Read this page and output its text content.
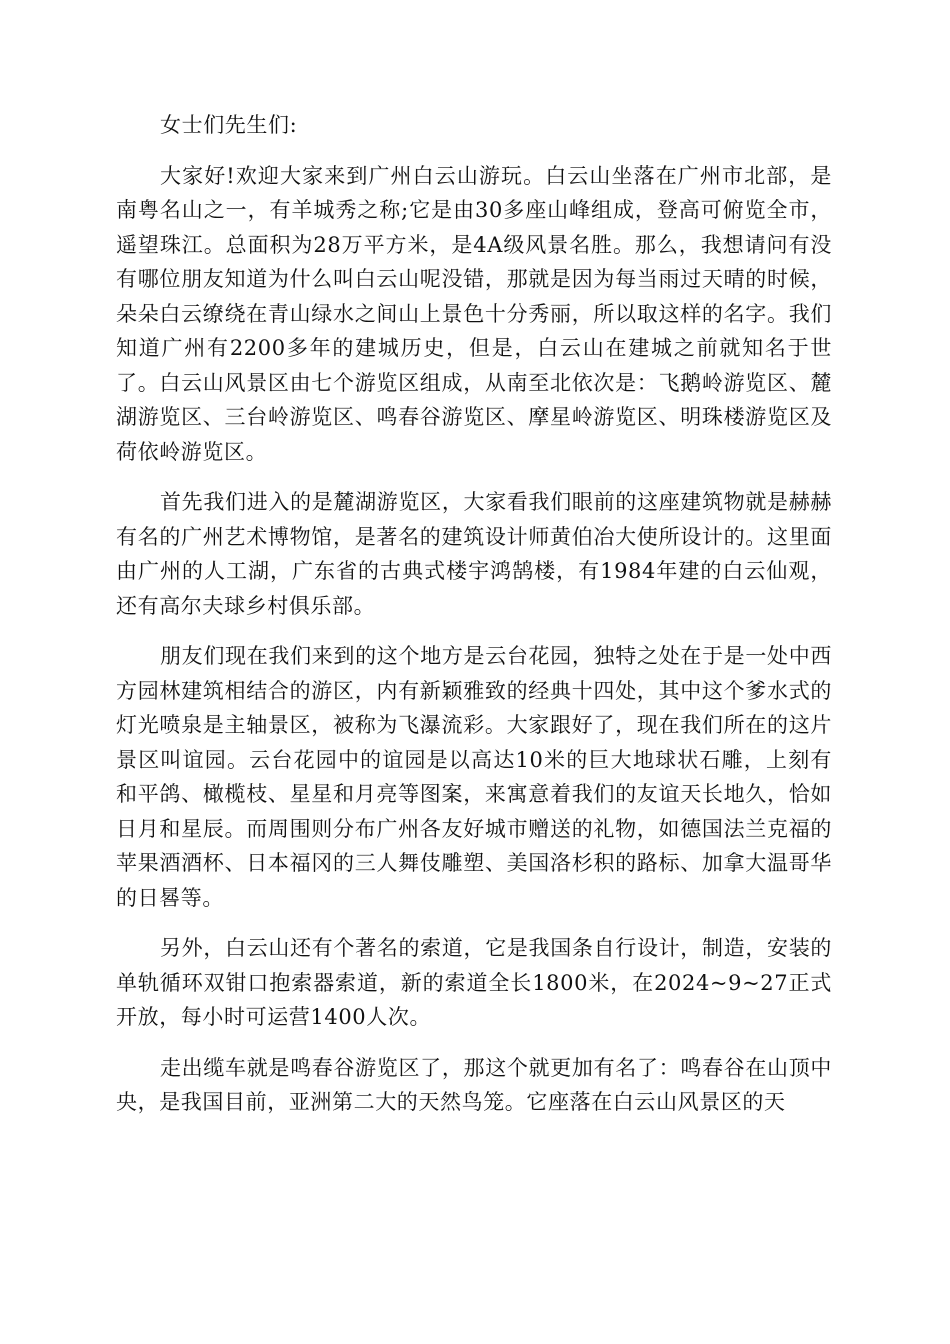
女士们先生们:

大家好!欢迎大家来到广州白云山游玩。白云山坐落在广州市北部，是南粤名山之一，有羊城秀之称;它是由30多座山峰组成，登高可俯览全市，遥望珠江。总面积为28万平方米，是4A级风景名胜。那么，我想请问有没有哪位朋友知道为什么叫白云山呢没错，那就是因为每当雨过天晴的时候，朵朵白云缭绕在青山绿水之间山上景色十分秀丽，所以取这样的名字。我们知道广州有2200多年的建城历史，但是，白云山在建城之前就知名于世了。白云山风景区由七个游览区组成，从南至北依次是：飞鹅岭游览区、麓湖游览区、三台岭游览区、鸣春谷游览区、摩星岭游览区、明珠楼游览区及荷依岭游览区。

首先我们进入的是麓湖游览区，大家看我们眼前的这座建筑物就是赫赫有名的广州艺术博物馆，是著名的建筑设计师黄伯冶大使所设计的。这里面由广州的人工湖，广东省的古典式楼宇鸿鹄楼，有1984年建的白云仙观，还有高尔夫球乡村俱乐部。

朋友们现在我们来到的这个地方是云台花园，独特之处在于是一处中西方园林建筑相结合的游区，内有新颖雅致的经典十四处，其中这个爹水式的灯光喷泉是主轴景区，被称为飞瀑流彩。大家跟好了，现在我们所在的这片景区叫谊园。云台花园中的谊园是以高达10米的巨大地球状石雕，上刻有和平鸽、橄榄枝、星星和月亮等图案，来寓意着我们的友谊天长地久，恰如日月和星辰。而周围则分布广州各友好城市赠送的礼物，如德国法兰克福的苹果酒酒杯、日本福冈的三人舞伎雕塑、美国洛杉积的路标、加拿大温哥华的日晷等。

另外，白云山还有个著名的索道，它是我国条自行设计，制造，安装的单轨循环双钳口抱索器索道，新的索道全长1800米，在2024~9~27正式开放，每小时可运营1400人次。

走出缆车就是鸣春谷游览区了，那这个就更加有名了：鸣春谷在山顶中央，是我国目前，亚洲第二大的天然鸟笼。它座落在白云山风景区的天
